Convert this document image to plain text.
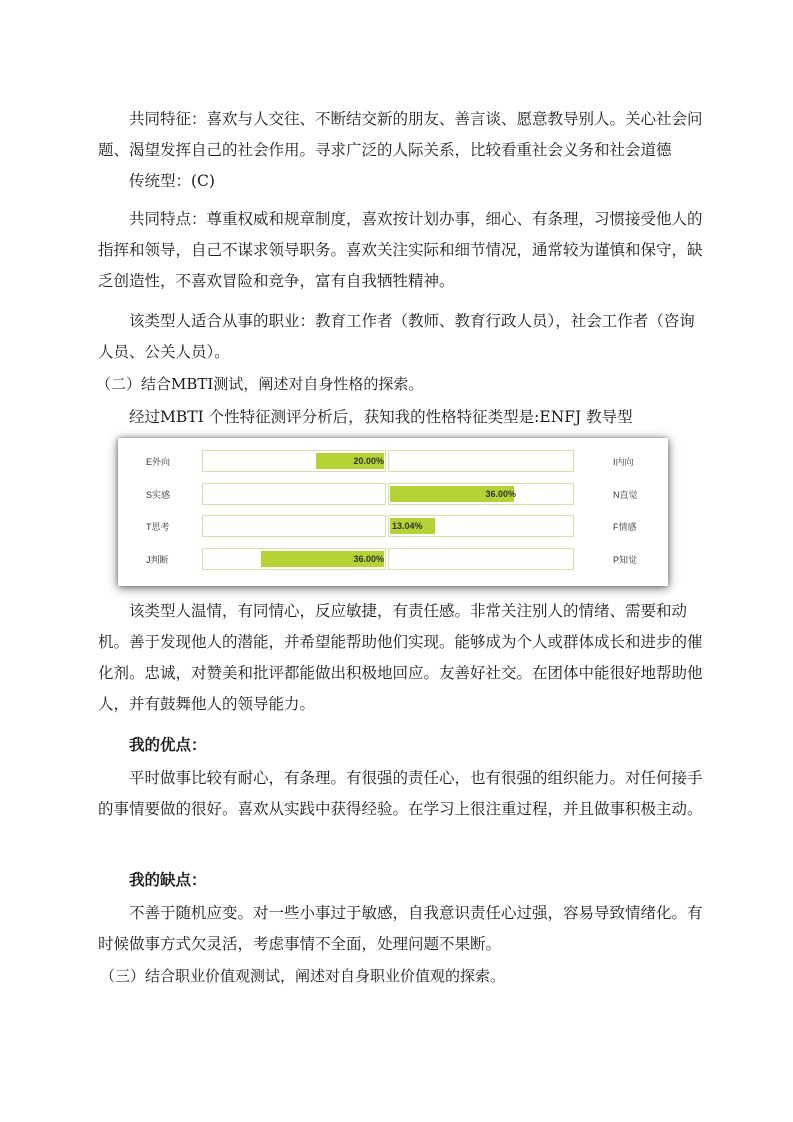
共同特征：喜欢与人交往、不断结交新的朋友、善言谈、愿意教导别人。关心社会问题、渴望发挥自己的社会作用。寻求广泛的人际关系，比较看重社会义务和社会道德

传统型：(C)

共同特点：尊重权威和规章制度，喜欢按计划办事，细心、有条理，习惯接受他人的指挥和领导，自己不谋求领导职务。喜欢关注实际和细节情况，通常较为谨慎和保守，缺乏创造性，不喜欢冒险和竞争，富有自我牺牲精神。

该类型人适合从事的职业：教育工作者（教师、教育行政人员），社会工作者（咨询人员、公关人员）。

（二）结合MBTI测试，阐述对自身性格的探索。

经过MBTI 个性特征测评分析后，获知我的性格特征类型是:ENFJ 教导型

E外向	I内向
20.00%
S实感	N直觉
36.00%
T思考	F情感
13.04%
J判断	P知觉
36.00%

该类型人温情，有同情心，反应敏捷，有责任感。非常关注别人的情绪、需要和动机。善于发现他人的潜能，并希望能帮助他们实现。能够成为个人或群体成长和进步的催化剂。忠诚，对赞美和批评都能做出积极地回应。友善好社交。在团体中能很好地帮助他人，并有鼓舞他人的领导能力。

我的优点：

平时做事比较有耐心，有条理。有很强的责任心，也有很强的组织能力。对任何接手的事情要做的很好。喜欢从实践中获得经验。在学习上很注重过程，并且做事积极主动。

我的缺点：

不善于随机应变。对一些小事过于敏感，自我意识责任心过强，容易导致情绪化。有时候做事方式欠灵活，考虑事情不全面，处理问题不果断。

（三）结合职业价值观测试，阐述对自身职业价值观的探索。
